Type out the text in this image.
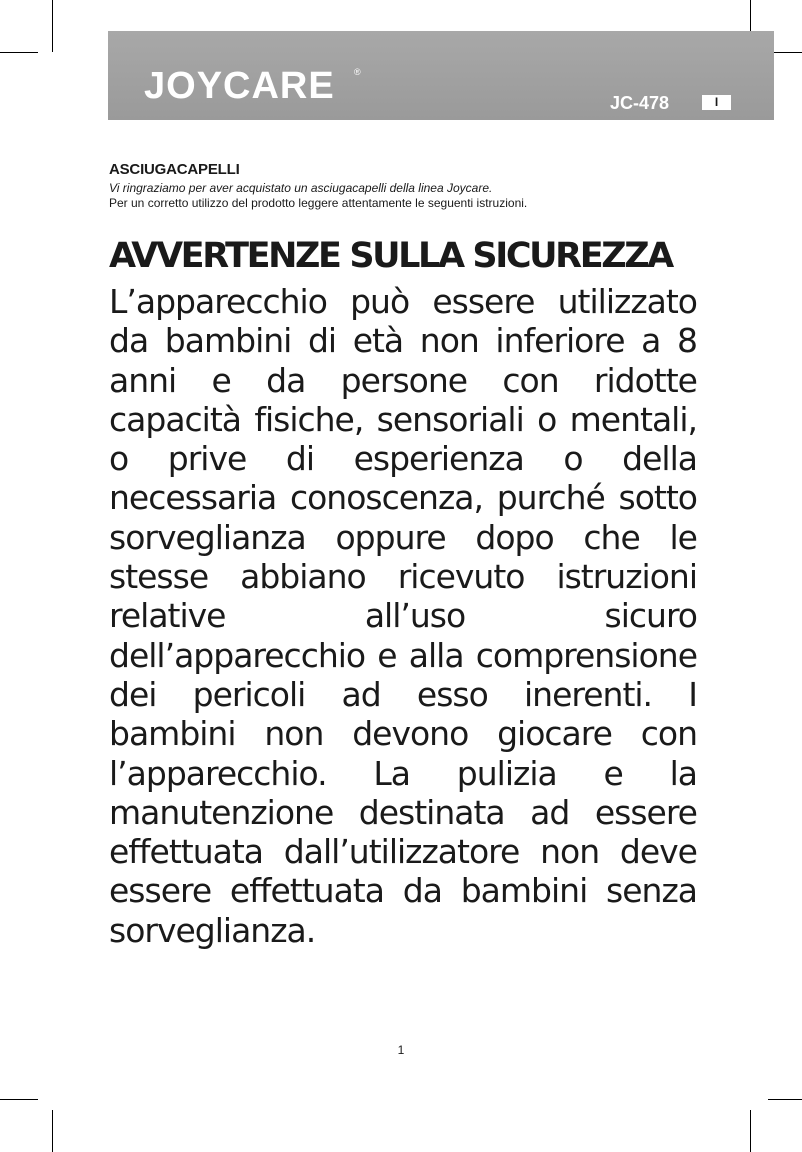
JOYCARE ®
JC-478	I
ASCIUGACAPELLI
Vi ringraziamo per aver acquistato un asciugacapelli della linea Joycare.
Per un corretto utilizzo del prodotto leggere attentamente le seguenti istruzioni.
AVVERTENZE SULLA SICUREZZA
L’apparecchio può essere utilizzato da bambini di età non inferiore a 8 anni e da persone con ridotte capacità fisiche, sensoriali o mentali, o prive di esperienza o della necessaria conoscenza, purché sotto sorveglianza oppure dopo che le stesse abbiano ricevuto istruzioni relative all’uso sicuro dell’apparecchio e alla comprensione dei pericoli ad esso inerenti. I bambini non devono giocare con l’apparecchio. La pulizia e la manutenzione destinata ad essere effettuata dall’utilizzatore non deve essere effettuata da bambini senza sorveglianza.
1
